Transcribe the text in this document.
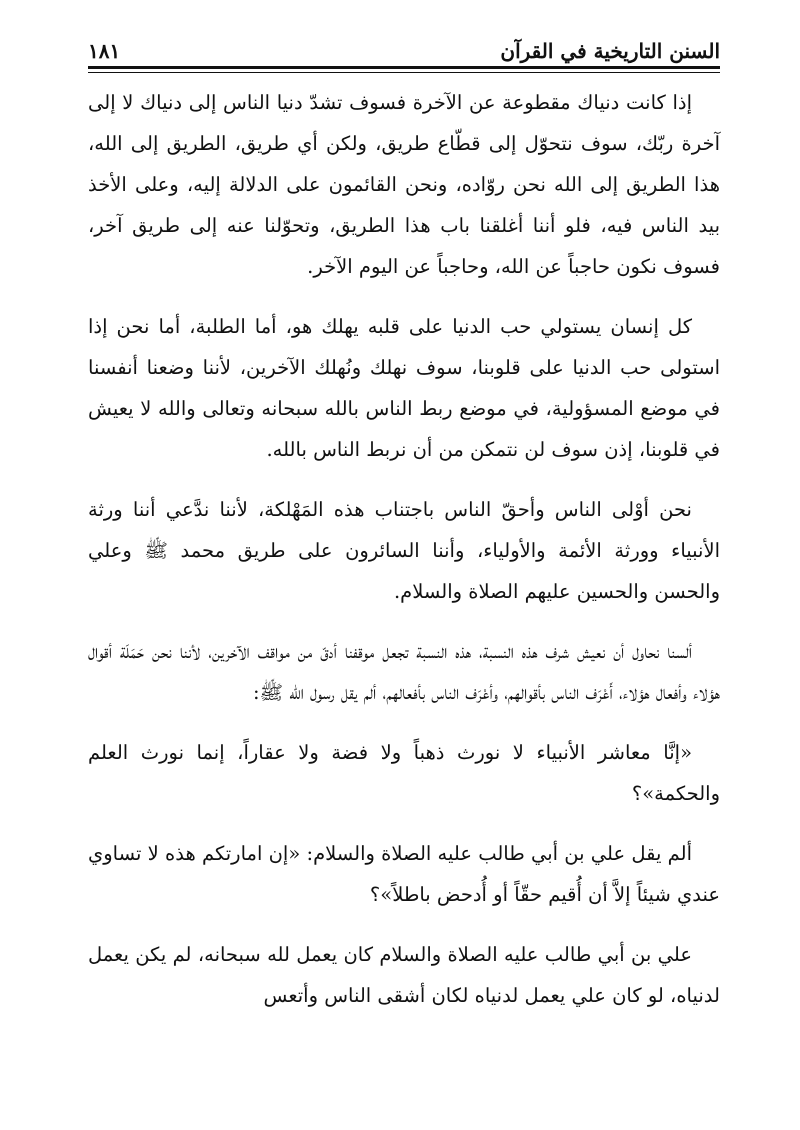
السنن التاريخية في القرآن
١٨١

إذا كانت دنياك مقطوعة عن الآخرة فسوف تشدّ دنيا الناس إلى دنياك لا إلى آخرة ربّك، سوف نتحوّل إلى قطّاع طريق، ولكن أي طريق، الطريق إلى الله، هذا الطريق إلى الله نحن روّاده، ونحن القائمون على الدلالة إليه، وعلى الأخذ بيد الناس فيه، فلو أننا أغلقنا باب هذا الطريق، وتحوّلنا عنه إلى طريق آخر، فسوف نكون حاجباً عن الله، وحاجباً عن اليوم الآخر.

كل إنسان يستولي حب الدنيا على قلبه يهلك هو، أما الطلبة، أما نحن إذا استولى حب الدنيا على قلوبنا، سوف نهلك ونُهلك الآخرين، لأننا وضعنا أنفسنا في موضع المسؤولية، في موضع ربط الناس بالله سبحانه وتعالى والله لا يعيش في قلوبنا، إذن سوف لن نتمكن من أن نربط الناس بالله.

نحن أوْلى الناس وأحقّ الناس باجتناب هذه المَهْلكة، لأننا ندَّعي أننا ورثة الأنبياء وورثة الأئمة والأولياء، وأننا السائرون على طريق محمد ﷺ وعلي والحسن والحسين عليهم الصلاة والسلام.

ألسنا نحاول أن نعيش شرف هذه النسبة، هذه النسبة تجعل موقفنا أدقّ من مواقف الآخرين، لأننا نحن حَمَلَة أقوال هؤلاء وأفعال هؤلاء، أَعْرَف الناس بأقوالهم، وأعْرَف الناس بأفعالهم، ألم يقل رسول الله ﷺ:

«إنَّا معاشر الأنبياء لا نورث ذهباً ولا فضة ولا عقاراً، إنما نورث العلم والحكمة»؟

ألم يقل علي بن أبي طالب عليه الصلاة والسلام: «إن امارتكم هذه لا تساوي عندي شيئاً إلاَّ أن أُقيم حقّاً أو أُدحض باطلاً»؟

علي بن أبي طالب عليه الصلاة والسلام كان يعمل لله سبحانه، لم يكن يعمل لدنياه، لو كان علي يعمل لدنياه لكان أشقى الناس وأتعس
